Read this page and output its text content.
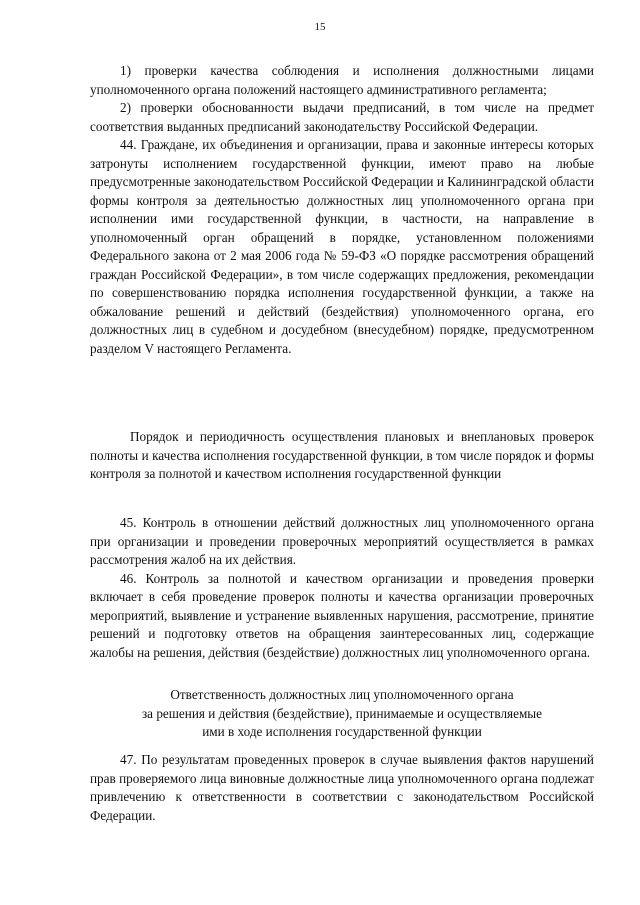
15

1) проверки качества соблюдения и исполнения должностными лицами уполномоченного органа положений настоящего административного регламента;

2) проверки обоснованности выдачи предписаний, в том числе на предмет соответствия выданных предписаний законодательству Российской Федерации.

44. Граждане, их объединения и организации, права и законные интересы которых затронуты исполнением государственной функции, имеют право на любые предусмотренные законодательством Российской Федерации и Калининградской области формы контроля за деятельностью должностных лиц уполномоченного органа при исполнении ими государственной функции, в частности, на направление в уполномоченный орган обращений в порядке, установленном положениями Федерального закона от 2 мая 2006 года № 59-ФЗ «О порядке рассмотрения обращений граждан Российской Федерации», в том числе содержащих предложения, рекомендации по совершенствованию порядка исполнения государственной функции, а также на обжалование решений и действий (бездействия) уполномоченного органа, его должностных лиц в судебном и досудебном (внесудебном) порядке, предусмотренном разделом V настоящего Регламента.

Порядок и периодичность осуществления плановых и внеплановых проверок полноты и качества исполнения государственной функции, в том числе порядок и формы контроля за полнотой и качеством исполнения государственной функции

45. Контроль в отношении действий должностных лиц уполномоченного органа при организации и проведении проверочных мероприятий осуществляется в рамках рассмотрения жалоб на их действия.

46. Контроль за полнотой и качеством организации и проведения проверки включает в себя проведение проверок полноты и качества организации проверочных мероприятий, выявление и устранение выявленных нарушения, рассмотрение, принятие решений и подготовку ответов на обращения заинтересованных лиц, содержащие жалобы на решения, действия (бездействие) должностных лиц уполномоченного органа.

Ответственность должностных лиц уполномоченного органа
за решения и действия (бездействие), принимаемые и осуществляемые
ими в ходе исполнения государственной функции

47. По результатам проведенных проверок в случае выявления фактов нарушений прав проверяемого лица виновные должностные лица уполномоченного органа подлежат привлечению к ответственности в соответствии с законодательством Российской Федерации.
